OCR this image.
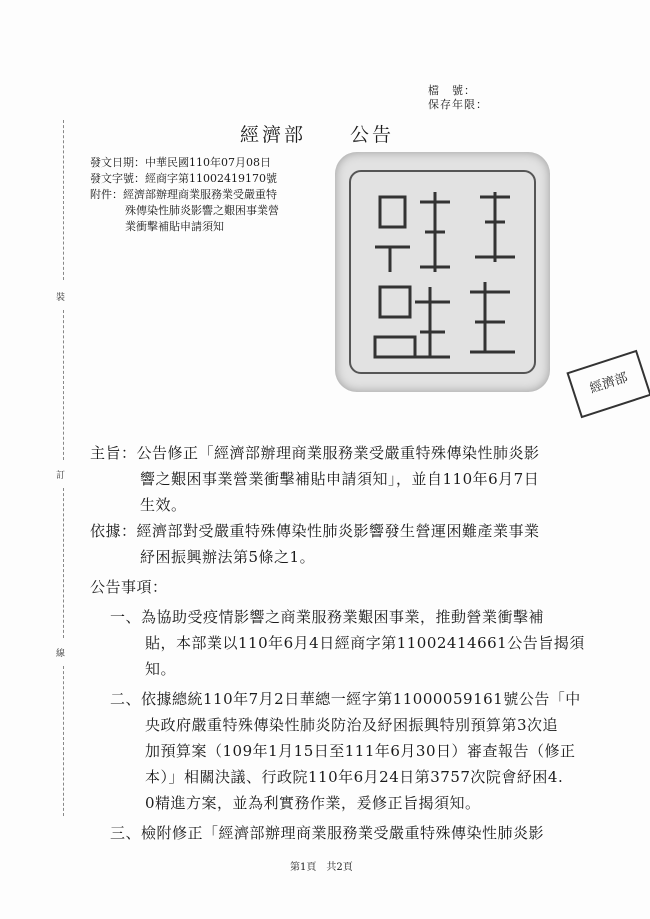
檔　號：
保存年限：
經濟部　　公告
發文日期：中華民國110年07月08日
發文字號：經商字第11002419170號
附件：經濟部辦理商業服務業受嚴重特
殊傳染性肺炎影響之艱困事業營
業衝擊補貼申請須知
裝
訂
線
經濟部
主旨：公告修正「經濟部辦理商業服務業受嚴重特殊傳染性肺炎影
響之艱困事業營業衝擊補貼申請須知」，並自110年6月7日
生效。
依據：經濟部對受嚴重特殊傳染性肺炎影響發生營運困難產業事業
紓困振興辦法第5條之1。
公告事項：
一、為協助受疫情影響之商業服務業艱困事業，推動營業衝擊補
貼，本部業以110年6月4日經商字第11002414661公告旨揭須
知。
二、依據總統110年7月2日華總一經字第11000059161號公告「中
央政府嚴重特殊傳染性肺炎防治及紓困振興特別預算第3次追
加預算案（109年1月15日至111年6月30日）審查報告（修正
本）」相關決議、行政院110年6月24日第3757次院會紓困4.
0精進方案，並為利實務作業，爰修正旨揭須知。
三、檢附修正「經濟部辦理商業服務業受嚴重特殊傳染性肺炎影
第1頁　共2頁
